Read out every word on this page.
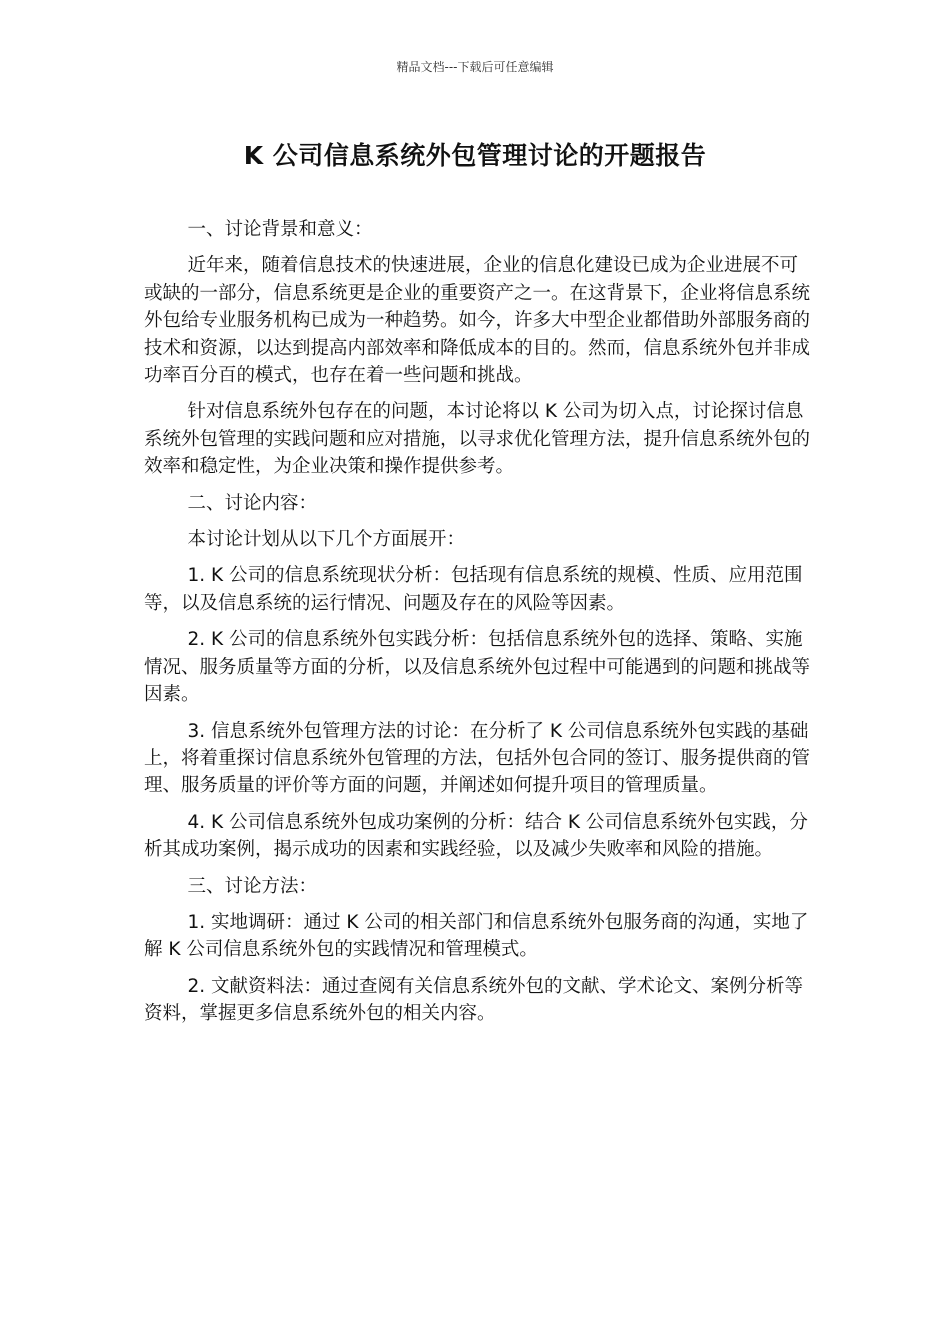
精品文档---下载后可任意编辑
K 公司信息系统外包管理讨论的开题报告

一、讨论背景和意义：

近年来，随着信息技术的快速进展，企业的信息化建设已成为企业进展不可或缺的一部分，信息系统更是企业的重要资产之一。在这背景下，企业将信息系统外包给专业服务机构已成为一种趋势。如今，许多大中型企业都借助外部服务商的技术和资源，以达到提高内部效率和降低成本的目的。然而，信息系统外包并非成功率百分百的模式，也存在着一些问题和挑战。

针对信息系统外包存在的问题，本讨论将以 K 公司为切入点，讨论探讨信息系统外包管理的实践问题和应对措施，以寻求优化管理方法，提升信息系统外包的效率和稳定性，为企业决策和操作提供参考。

二、讨论内容：

本讨论计划从以下几个方面展开：

1. K 公司的信息系统现状分析：包括现有信息系统的规模、性质、应用范围等，以及信息系统的运行情况、问题及存在的风险等因素。

2. K 公司的信息系统外包实践分析：包括信息系统外包的选择、策略、实施情况、服务质量等方面的分析，以及信息系统外包过程中可能遇到的问题和挑战等因素。

3. 信息系统外包管理方法的讨论：在分析了 K 公司信息系统外包实践的基础上，将着重探讨信息系统外包管理的方法，包括外包合同的签订、服务提供商的管理、服务质量的评价等方面的问题，并阐述如何提升项目的管理质量。

4. K 公司信息系统外包成功案例的分析：结合 K 公司信息系统外包实践，分析其成功案例，揭示成功的因素和实践经验，以及减少失败率和风险的措施。

三、讨论方法：

1. 实地调研：通过 K 公司的相关部门和信息系统外包服务商的沟通，实地了解 K 公司信息系统外包的实践情况和管理模式。

2. 文献资料法：通过查阅有关信息系统外包的文献、学术论文、案例分析等资料，掌握更多信息系统外包的相关内容。
